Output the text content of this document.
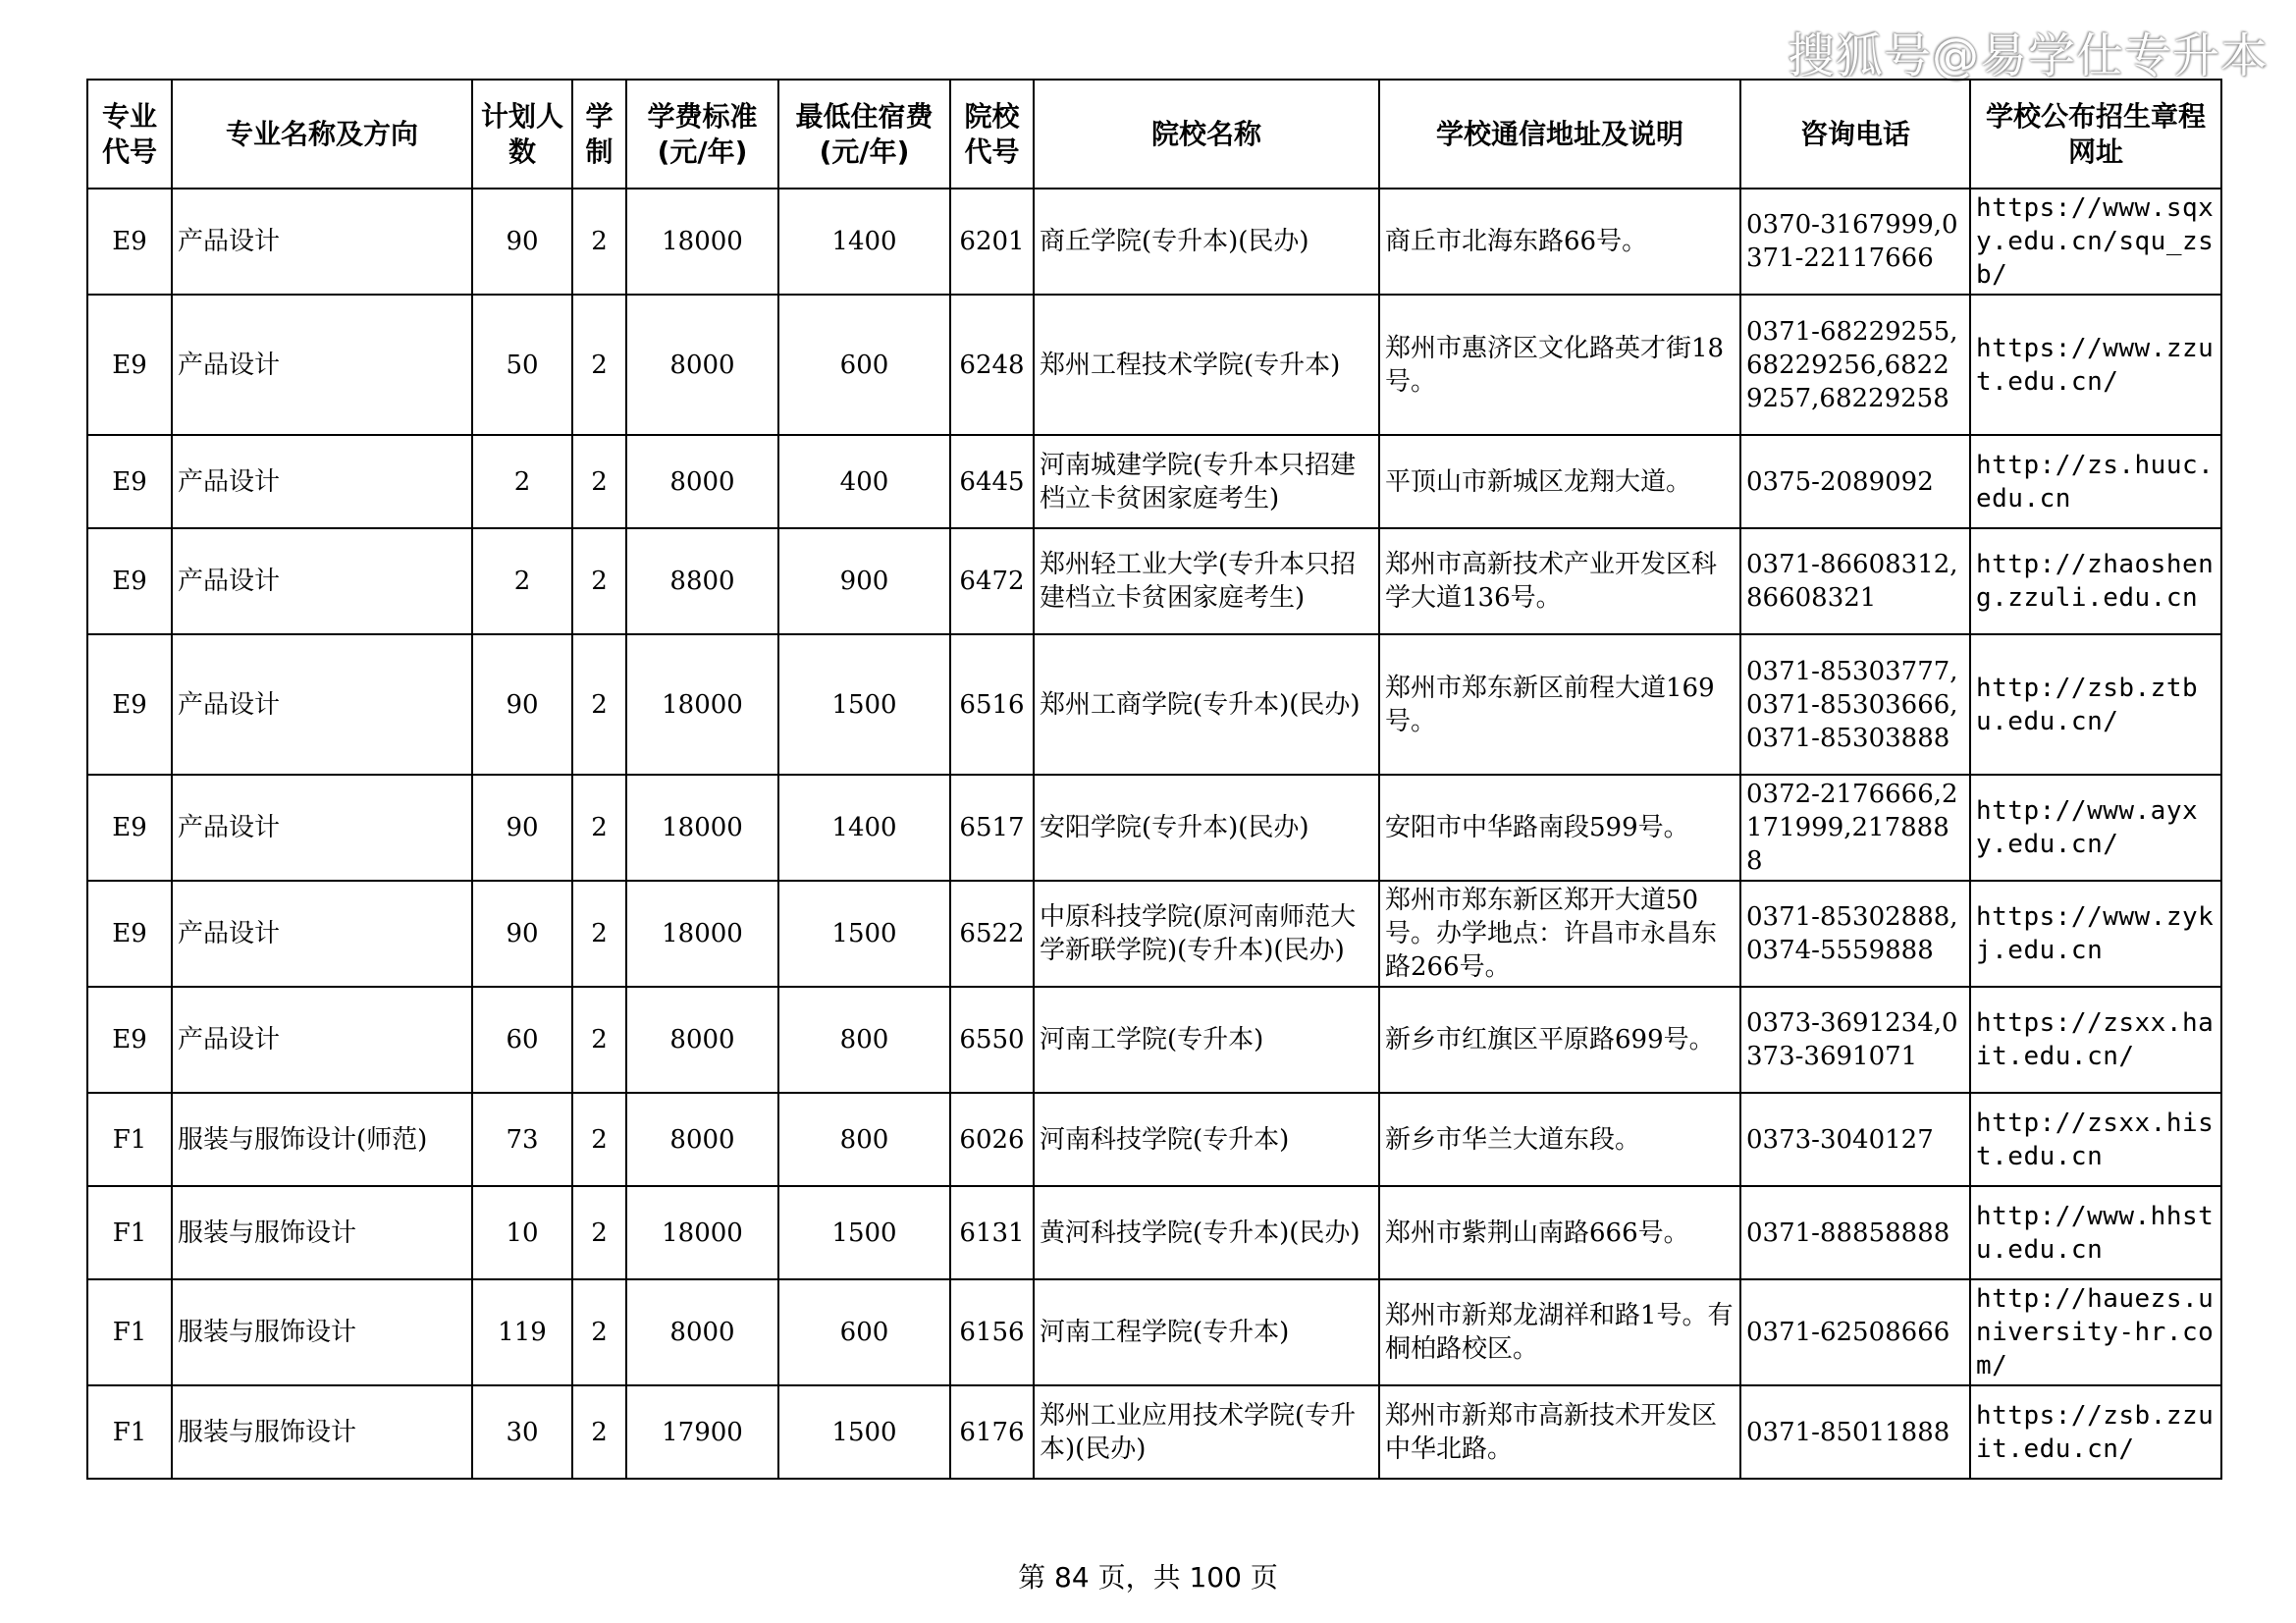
搜狐号@易学仕专升本
专业代号	专业名称及方向	计划人数	学制	学费标准(元/年)	最低住宿费(元/年)	院校代号	院校名称	学校通信地址及说明	咨询电话	学校公布招生章程网址
E9	产品设计	90	2	18000	1400	6201	商丘学院(专升本)(民办)	商丘市北海东路66号。	0370-3167999,0371-22117666	https://www.sqxy.edu.cn/squ_zsb/
E9	产品设计	50	2	8000	600	6248	郑州工程技术学院(专升本)	郑州市惠济区文化路英才街18号。	0371-68229255,68229256,68229257,68229258	https://www.zzut.edu.cn/
E9	产品设计	2	2	8000	400	6445	河南城建学院(专升本只招建档立卡贫困家庭考生)	平顶山市新城区龙翔大道。	0375-2089092	http://zs.huuc.edu.cn
E9	产品设计	2	2	8800	900	6472	郑州轻工业大学(专升本只招建档立卡贫困家庭考生)	郑州市高新技术产业开发区科学大道136号。	0371-86608312,86608321	http://zhaosheng.zzuli.edu.cn
E9	产品设计	90	2	18000	1500	6516	郑州工商学院(专升本)(民办)	郑州市郑东新区前程大道169号。	0371-85303777,0371-85303666,0371-85303888	http://zsb.ztbu.edu.cn/
E9	产品设计	90	2	18000	1400	6517	安阳学院(专升本)(民办)	安阳市中华路南段599号。	0372-2176666,2171999,2178888	http://www.ayxy.edu.cn/
E9	产品设计	90	2	18000	1500	6522	中原科技学院(原河南师范大学新联学院)(专升本)(民办)	郑州市郑东新区郑开大道50号。办学地点：许昌市永昌东路266号。	0371-85302888,0374-5559888	https://www.zykj.edu.cn
E9	产品设计	60	2	8000	800	6550	河南工学院(专升本)	新乡市红旗区平原路699号。	0373-3691234,0373-3691071	https://zsxx.hait.edu.cn/
F1	服装与服饰设计(师范)	73	2	8000	800	6026	河南科技学院(专升本)	新乡市华兰大道东段。	0373-3040127	http://zsxx.hist.edu.cn
F1	服装与服饰设计	10	2	18000	1500	6131	黄河科技学院(专升本)(民办)	郑州市紫荆山南路666号。	0371-88858888	http://www.hhstu.edu.cn
F1	服装与服饰设计	119	2	8000	600	6156	河南工程学院(专升本)	郑州市新郑龙湖祥和路1号。有桐柏路校区。	0371-62508666	http://hauezs.university-hr.com/
F1	服装与服饰设计	30	2	17900	1500	6176	郑州工业应用技术学院(专升本)(民办)	郑州市新郑市高新技术开发区中华北路。	0371-85011888	https://zsb.zzuit.edu.cn/
第 84 页，共 100 页
